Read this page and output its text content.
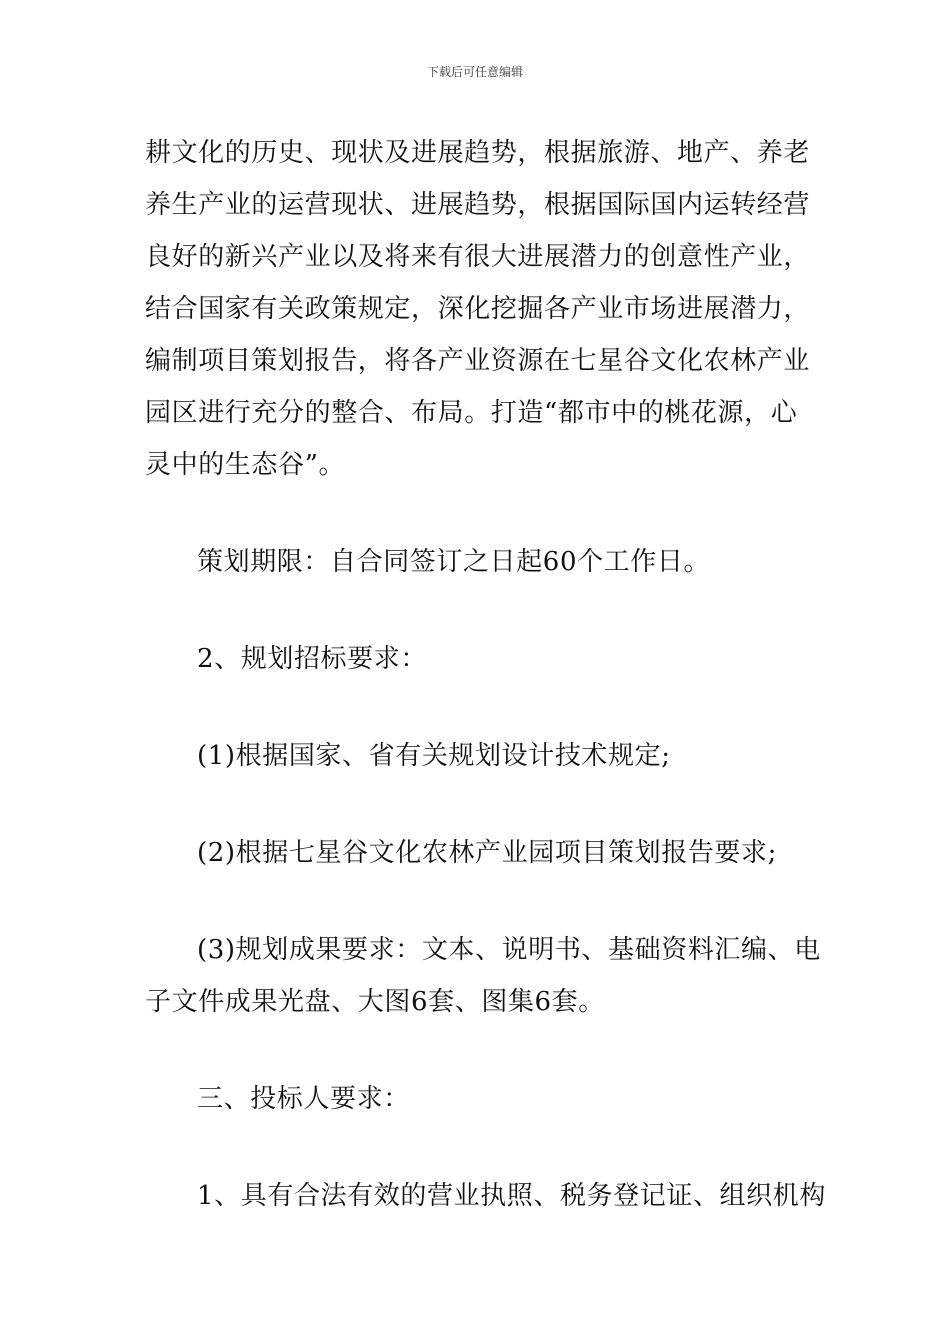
下载后可任意编辑
耕文化的历史、现状及进展趋势，根据旅游、地产、养老
养生产业的运营现状、进展趋势，根据国际国内运转经营
良好的新兴产业以及将来有很大进展潜力的创意性产业，
结合国家有关政策规定，深化挖掘各产业市场进展潜力，
编制项目策划报告，将各产业资源在七星谷文化农林产业
园区进行充分的整合、布局。打造“都市中的桃花源，心
灵中的生态谷”。
策划期限：自合同签订之日起60个工作日。
2、规划招标要求：
(1)根据国家、省有关规划设计技术规定;
(2)根据七星谷文化农林产业园项目策划报告要求;
(3)规划成果要求：文本、说明书、基础资料汇编、电
子文件成果光盘、大图6套、图集6套。
三、投标人要求：
1、具有合法有效的营业执照、税务登记证、组织机构
